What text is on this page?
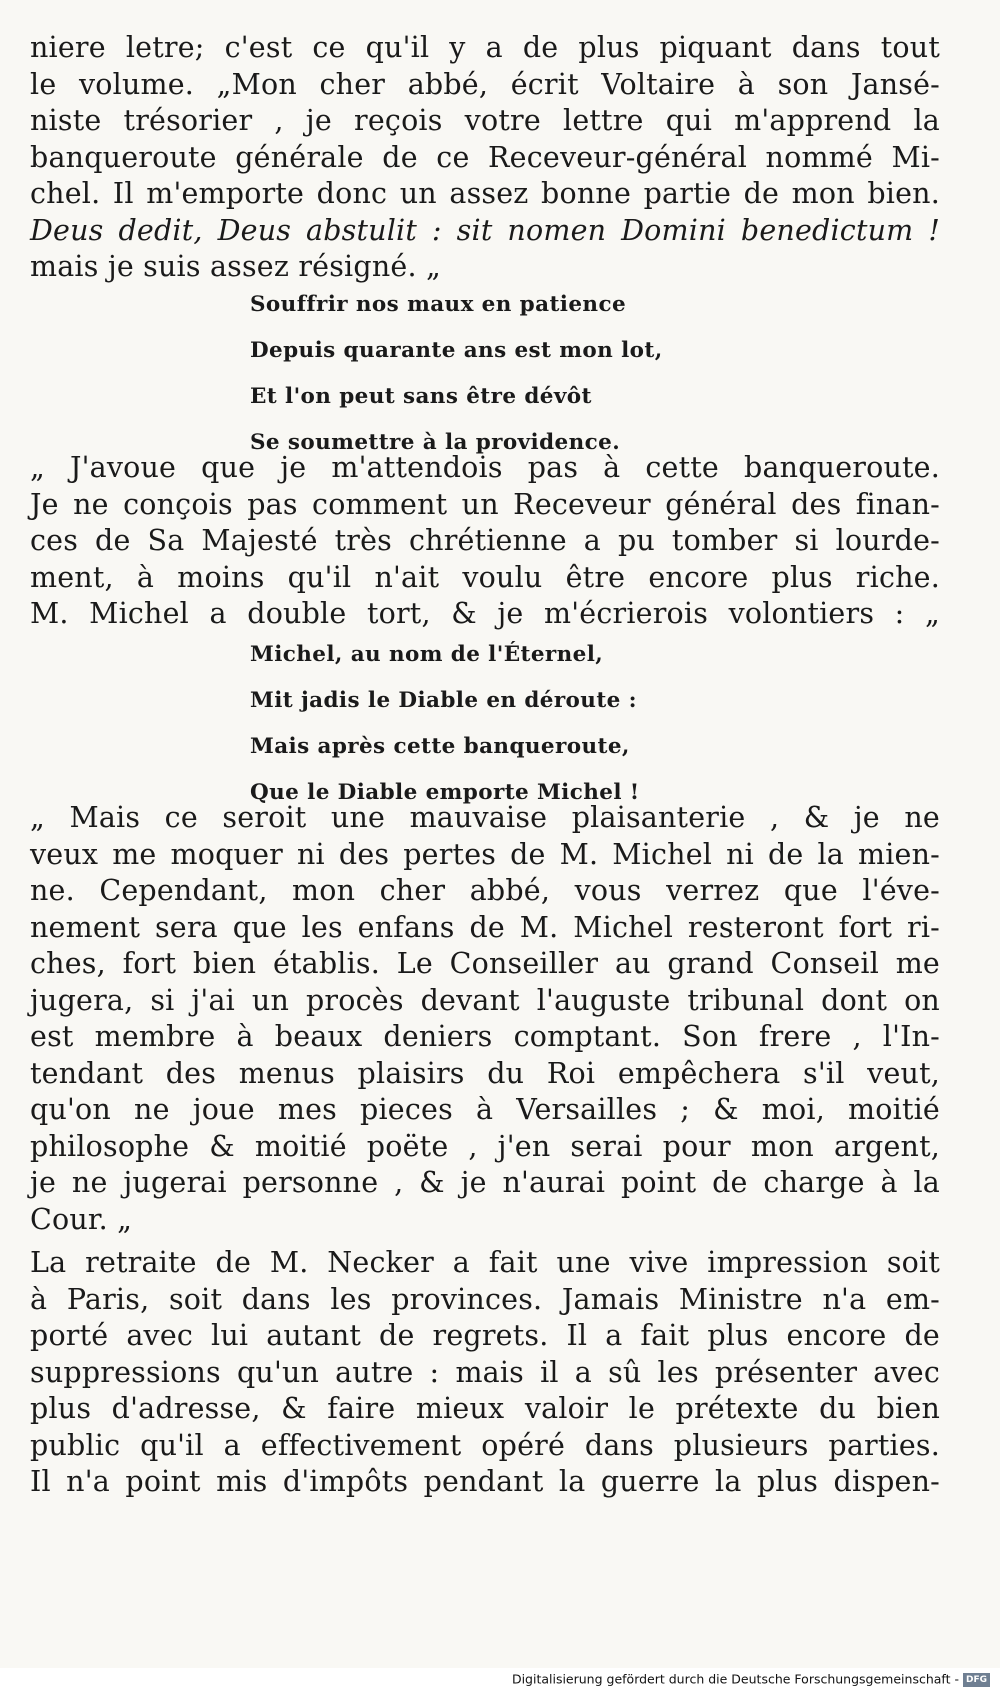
niere letre; c'est ce qu'il y a de plus piquant dans tout
le volume. „Mon cher abbé, écrit Voltaire à son Jansé-
niste trésorier , je reçois votre lettre qui m'apprend la
banqueroute générale de ce Receveur-général nommé Mi-
chel. Il m'emporte donc un assez bonne partie de mon bien.
Deus dedit, Deus abstulit : sit nomen Domini benedictum !
mais je suis assez résigné. „
Souffrir nos maux en patience
Depuis quarante ans est mon lot,
Et l'on peut sans être dévôt
Se soumettre à la providence.
„ J'avoue que je m'attendois pas à cette banqueroute.
Je ne conçois pas comment un Receveur général des finan-
ces de Sa Majesté très chrétienne a pu tomber si lourde-
ment, à moins qu'il n'ait voulu être encore plus riche.
M. Michel a double tort, & je m'écrierois volontiers : „
Michel, au nom de l'Éternel,
Mit jadis le Diable en déroute :
Mais après cette banqueroute,
Que le Diable emporte Michel !
„ Mais ce seroit une mauvaise plaisanterie , & je ne
veux me moquer ni des pertes de M. Michel ni de la mien-
ne. Cependant, mon cher abbé, vous verrez que l'éve-
nement sera que les enfans de M. Michel resteront fort ri-
ches, fort bien établis. Le Conseiller au grand Conseil me
jugera, si j'ai un procès devant l'auguste tribunal dont on
est membre à beaux deniers comptant. Son frere , l'In-
tendant des menus plaisirs du Roi empêchera s'il veut,
qu'on ne joue mes pieces à Versailles ; & moi, moitié
philosophe & moitié poëte , j'en serai pour mon argent,
je ne jugerai personne , & je n'aurai point de charge à la
Cour. „
La retraite de M. Necker a fait une vive impression soit
à Paris, soit dans les provinces. Jamais Ministre n'a em-
porté avec lui autant de regrets. Il a fait plus encore de
suppressions qu'un autre : mais il a sû les présenter avec
plus d'adresse, & faire mieux valoir le prétexte du bien
public qu'il a effectivement opéré dans plusieurs parties.
Il n'a point mis d'impôts pendant la guerre la plus dispen-
Digitalisierung gefördert durch die Deutsche Forschungsgemeinschaft - DFG
